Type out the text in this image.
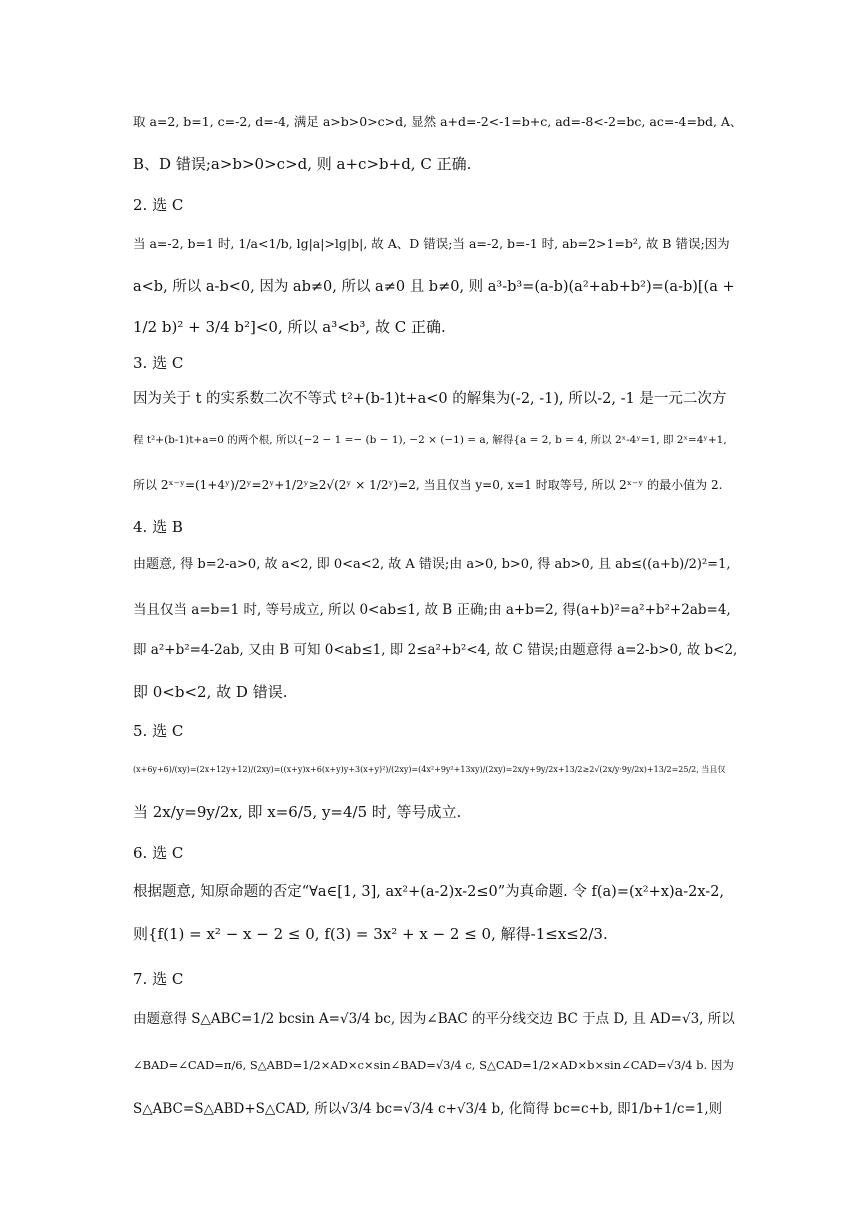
取 a=2, b=1, c=-2, d=-4, 满足 a>b>0>c>d, 显然 a+d=-2<-1=b+c, ad=-8<-2=bc, ac=-4=bd, A、
B、D 错误;a>b>0>c>d, 则 a+c>b+d, C 正确.
2. 选 C
当 a=-2, b=1 时, 1/a<1/b, lg|a|>lg|b|, 故 A、D 错误;当 a=-2, b=-1 时, ab=2>1=b², 故 B 错误;因为
a<b, 所以 a-b<0, 因为 ab≠0, 所以 a≠0 且 b≠0, 则 a³-b³=(a-b)(a²+ab+b²)=(a-b)[(a +
1/2 b)² + 3/4 b²]<0, 所以 a³<b³, 故 C 正确.
3. 选 C
因为关于 t 的实系数二次不等式 t²+(b-1)t+a<0 的解集为(-2, -1), 所以-2, -1 是一元二次方
程 t²+(b-1)t+a=0 的两个根, 所以{−2 − 1 =− (b − 1), −2 × (−1) = a, 解得{a = 2, b = 4, 所以 2ˣ-4ʸ=1, 即 2ˣ=4ʸ+1,
所以 2ˣ⁻ʸ=(1+4ʸ)/2ʸ=2ʸ+1/2ʸ≥2√(2ʸ × 1/2ʸ)=2, 当且仅当 y=0, x=1 时取等号, 所以 2ˣ⁻ʸ 的最小值为 2.
4. 选 B
由题意, 得 b=2-a>0, 故 a<2, 即 0<a<2, 故 A 错误;由 a>0, b>0, 得 ab>0, 且 ab≤((a+b)/2)²=1,
当且仅当 a=b=1 时, 等号成立, 所以 0<ab≤1, 故 B 正确;由 a+b=2, 得(a+b)²=a²+b²+2ab=4,
即 a²+b²=4-2ab, 又由 B 可知 0<ab≤1, 即 2≤a²+b²<4, 故 C 错误;由题意得 a=2-b>0, 故 b<2,
即 0<b<2, 故 D 错误.
5. 选 C
(x+6y+6)/(xy)=(2x+12y+12)/(2xy)=((x+y)x+6(x+y)y+3(x+y)²)/(2xy)=(4x²+9y²+13xy)/(2xy)=2x/y+9y/2x+13/2≥2√(2x/y·9y/2x)+13/2=25/2, 当且仅
当 2x/y=9y/2x, 即 x=6/5, y=4/5 时, 等号成立.
6. 选 C
根据题意, 知原命题的否定“∀a∈[1, 3], ax²+(a-2)x-2≤0”为真命题. 令 f(a)=(x²+x)a-2x-2,
则{f(1) = x² − x − 2 ≤ 0, f(3) = 3x² + x − 2 ≤ 0, 解得-1≤x≤2/3.
7. 选 C
由题意得 S△ABC=1/2 bcsin A=√3/4 bc, 因为∠BAC 的平分线交边 BC 于点 D, 且 AD=√3, 所以
∠BAD=∠CAD=π/6, S△ABD=1/2×AD×c×sin∠BAD=√3/4 c, S△CAD=1/2×AD×b×sin∠CAD=√3/4 b. 因为
S△ABC=S△ABD+S△CAD, 所以√3/4 bc=√3/4 c+√3/4 b, 化简得 bc=c+b, 即1/b+1/c=1,则
